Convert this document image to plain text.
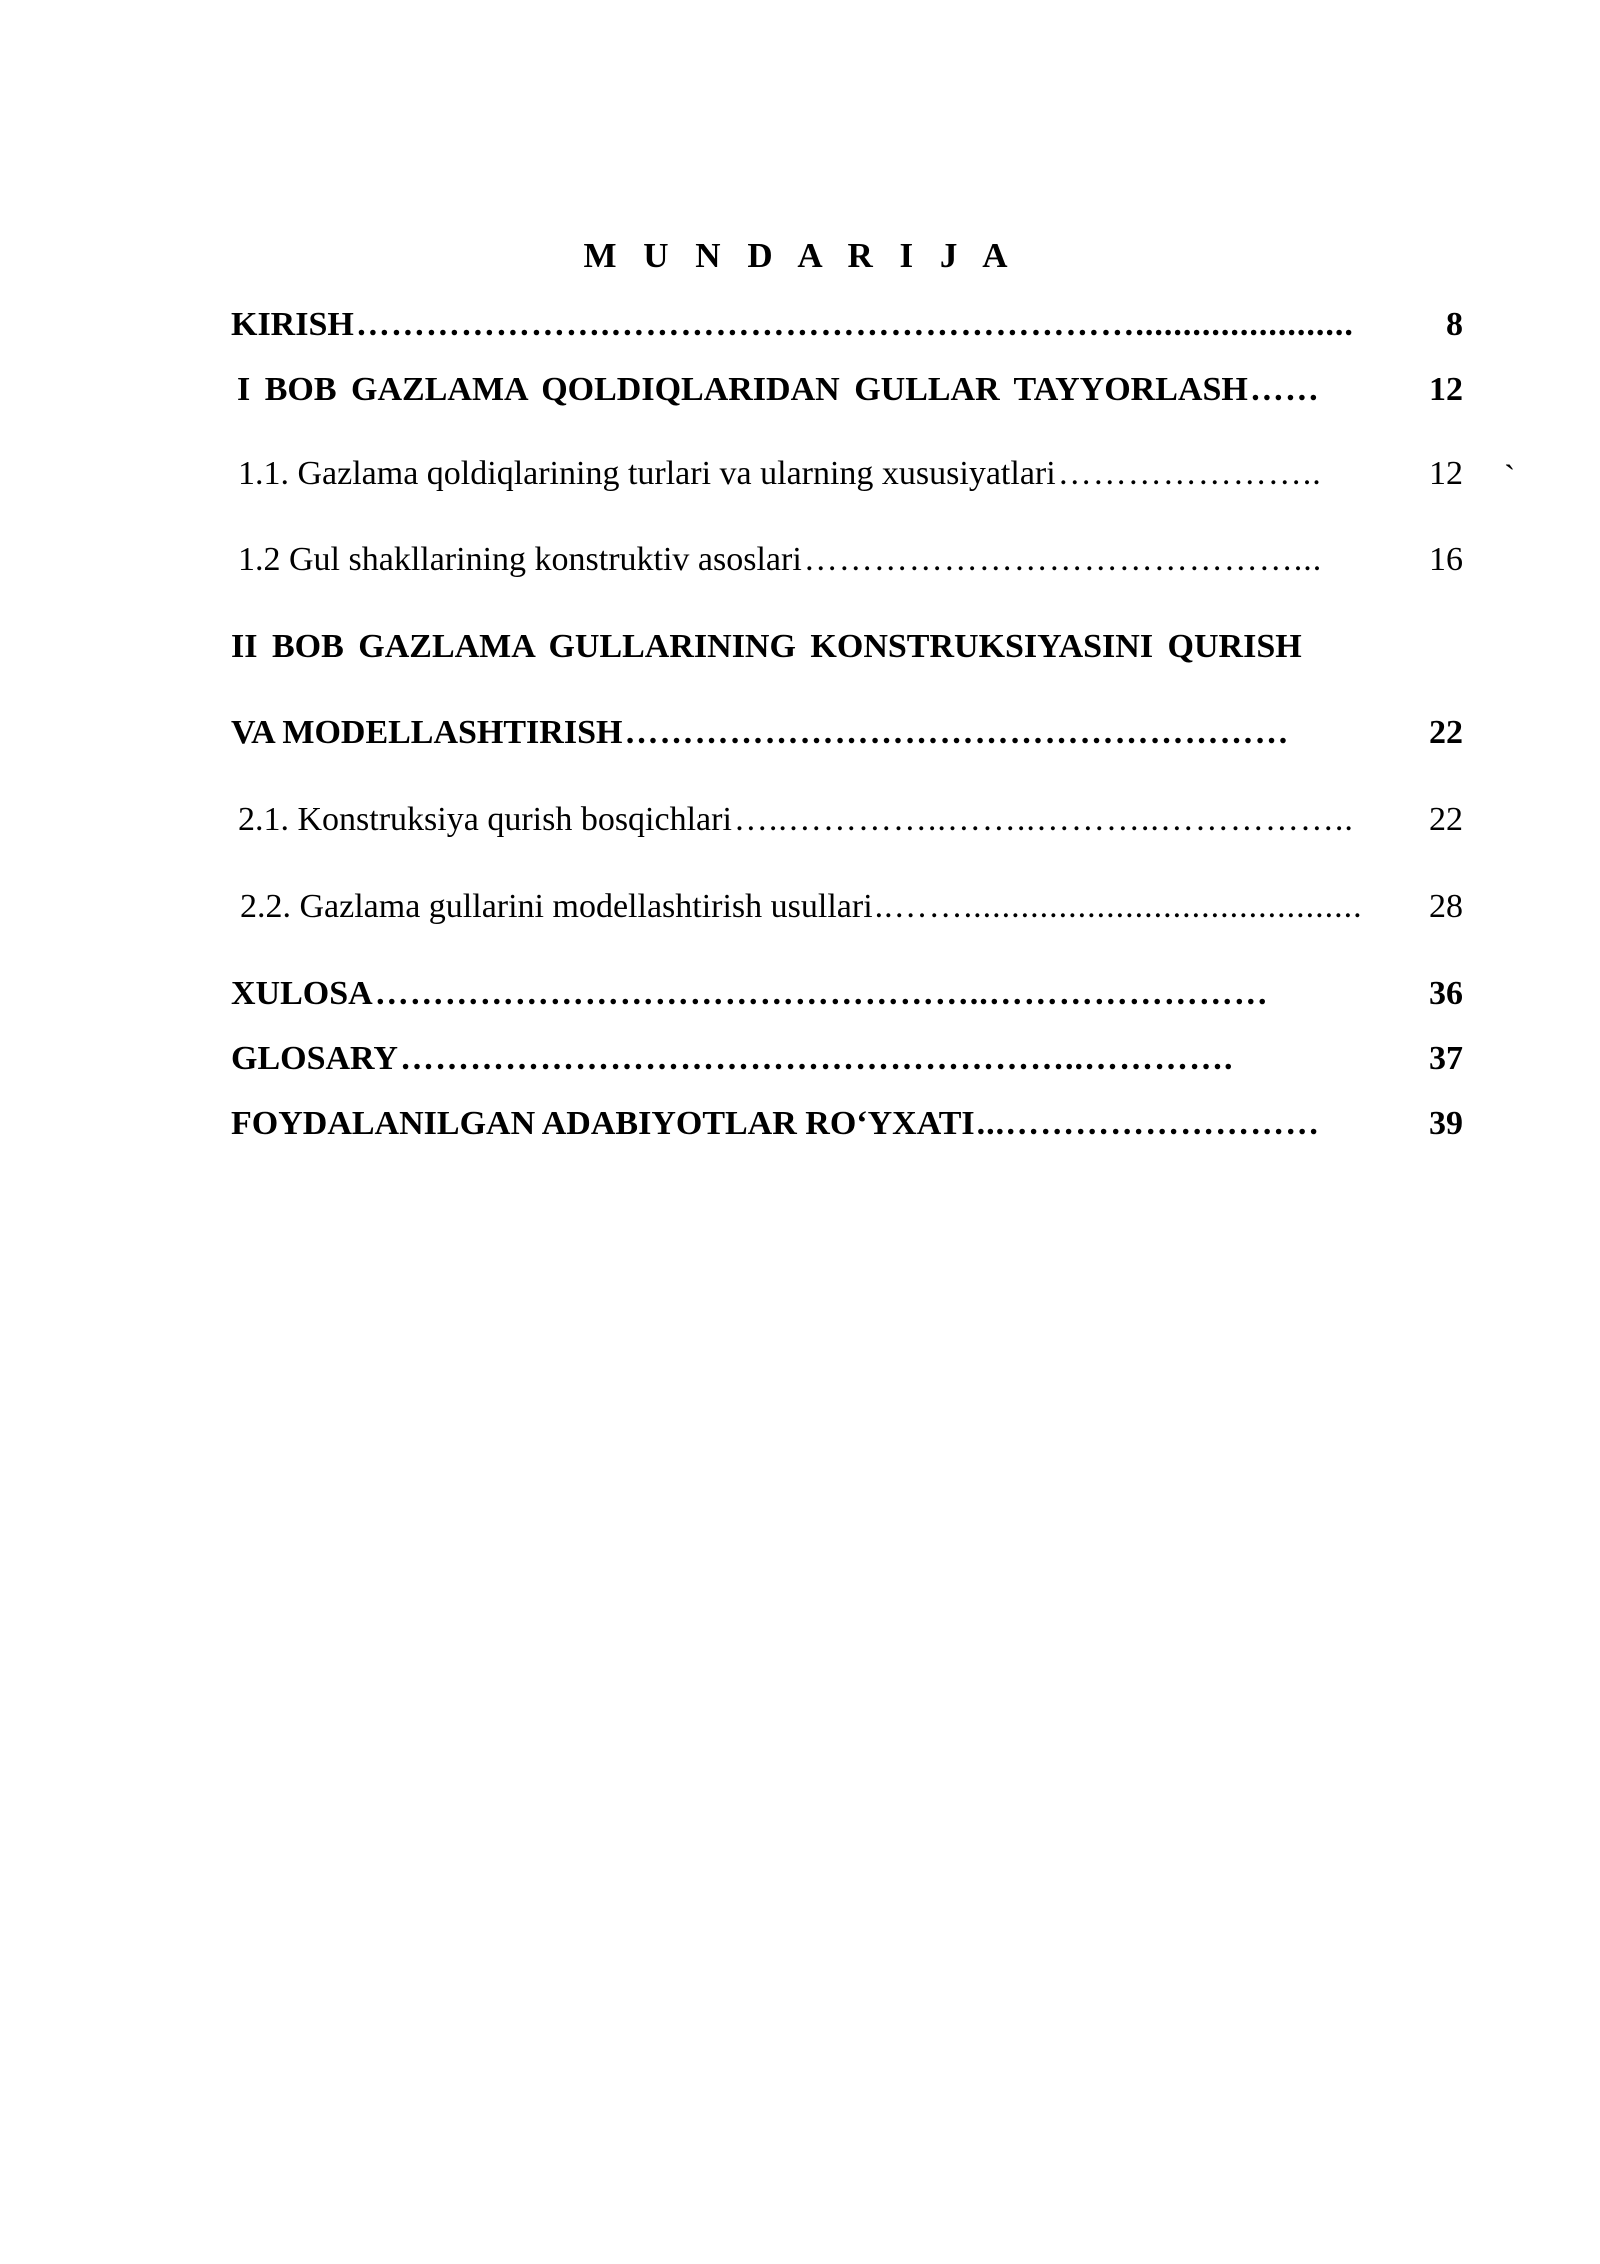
M U N D A R I J A
KIRISH ………………….……………………………………….......................	8
I BOB GAZLAMA QOLDIQLARIDAN GULLAR TAYYORLASH ……	12
1.1. Gazlama qoldiqlarining turlari va ularning xususiyatlari …………………..	12
1.2 Gul shakllarining konstruktiv asoslari ……………………………………...	16
II BOB GAZLAMA GULLARINING KONSTRUKSIYASINI QURISH
VA MODELLASHTIRISH …………………………………………………	22
2.1. Konstruksiya qurish bosqichlari …..…………..……..………..……………..	22
2.2. Gazlama gullarini modellashtirish usullari ..……..........................................	28
XULOSA ……………………………………………..……………………	36
GLOSARY …………………………………………………..………….	37
FOYDALANILGAN ADABIYOTLAR RO‘YXATI ...………………………	39
`
